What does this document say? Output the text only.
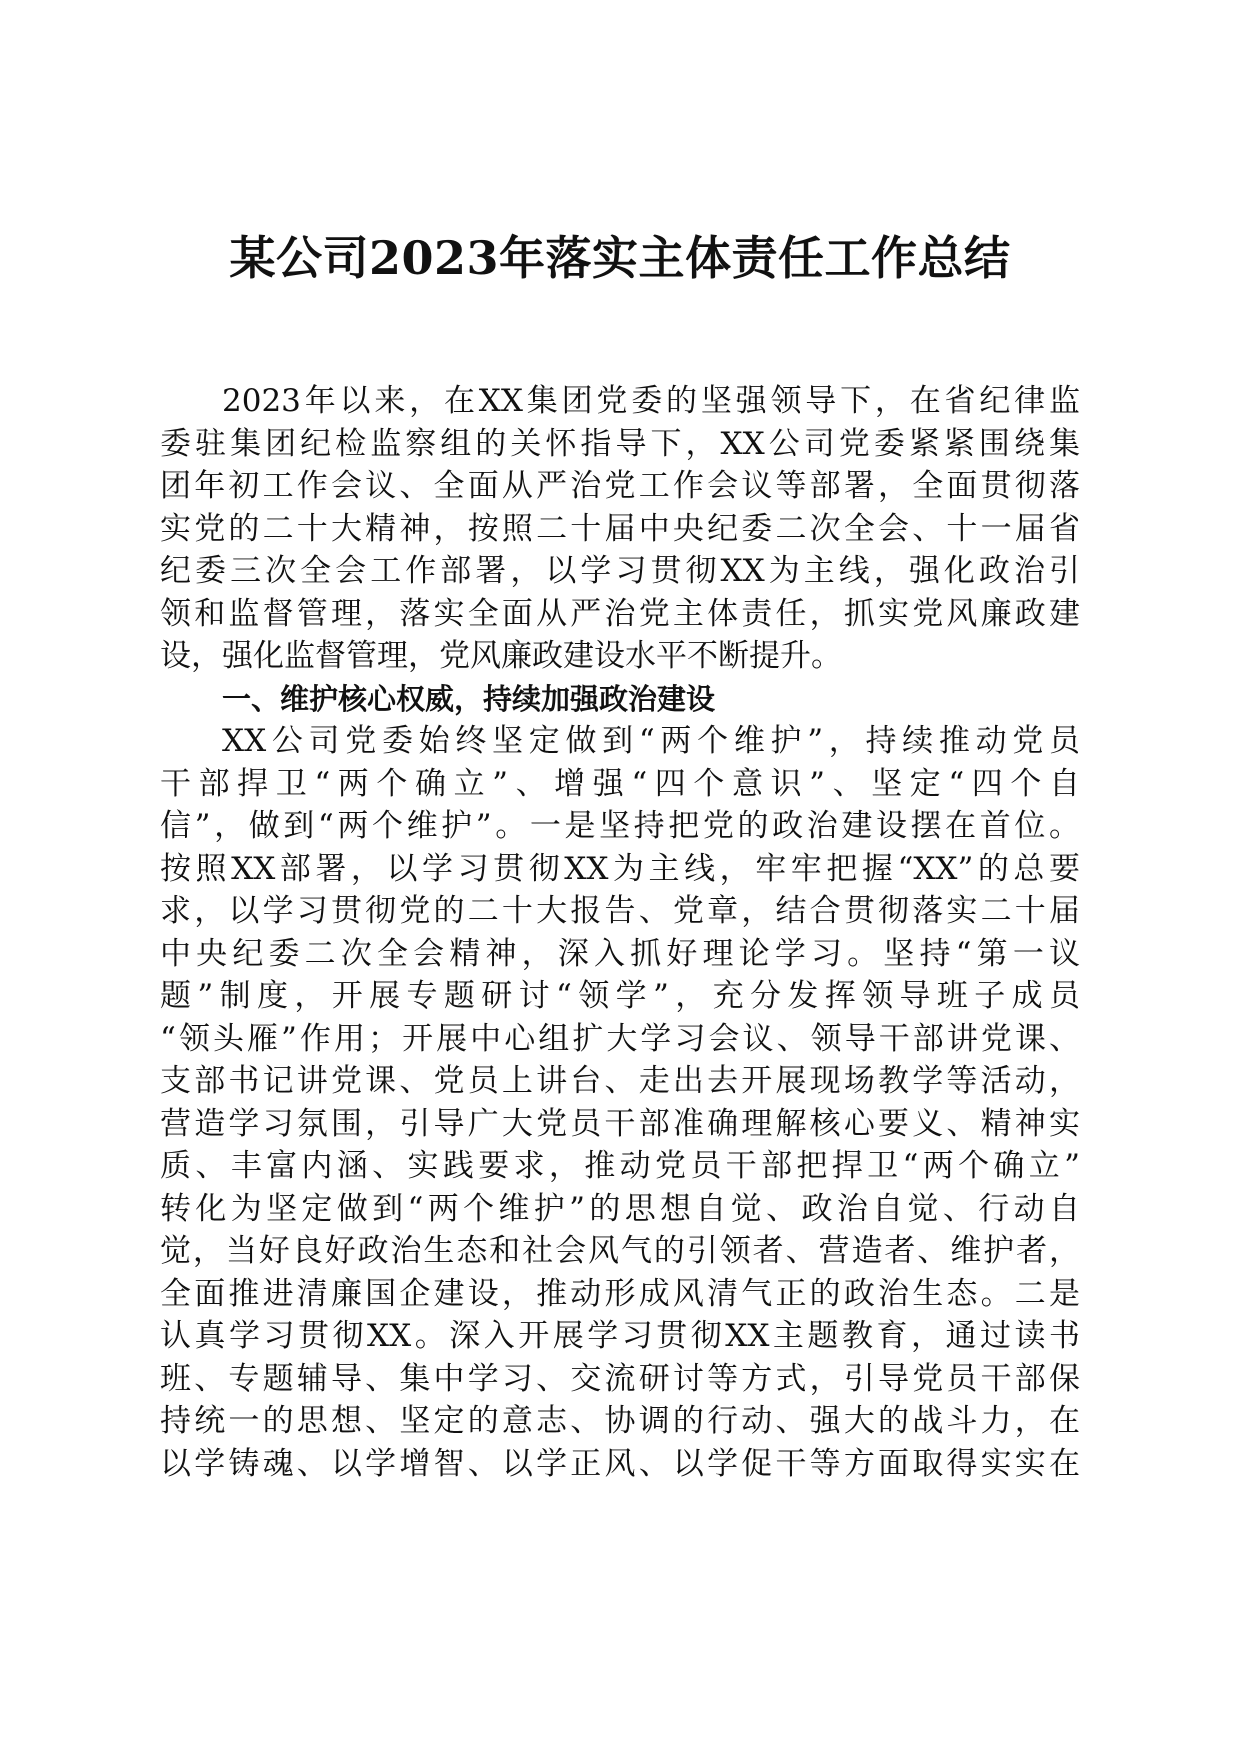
某公司2023年落实主体责任工作总结
2023年以来，在XX集团党委的坚强领导下，在省纪律监
委驻集团纪检监察组的关怀指导下，XX公司党委紧紧围绕集
团年初工作会议、全面从严治党工作会议等部署，全面贯彻落
实党的二十大精神，按照二十届中央纪委二次全会、十一届省
纪委三次全会工作部署，以学习贯彻XX为主线，强化政治引
领和监督管理，落实全面从严治党主体责任，抓实党风廉政建
设，强化监督管理，党风廉政建设水平不断提升。
一、维护核心权威，持续加强政治建设
XX公司党委始终坚定做到“两个维护”，持续推动党员
干部捍卫“两个确立”、增强“四个意识”、坚定“四个自
信”，做到“两个维护”。一是坚持把党的政治建设摆在首位。
按照XX部署，以学习贯彻XX为主线，牢牢把握“XX”的总要
求，以学习贯彻党的二十大报告、党章，结合贯彻落实二十届
中央纪委二次全会精神，深入抓好理论学习。坚持“第一议
题”制度，开展专题研讨“领学”，充分发挥领导班子成员
“领头雁”作用；开展中心组扩大学习会议、领导干部讲党课、
支部书记讲党课、党员上讲台、走出去开展现场教学等活动，
营造学习氛围，引导广大党员干部准确理解核心要义、精神实
质、丰富内涵、实践要求，推动党员干部把捍卫“两个确立”
转化为坚定做到“两个维护”的思想自觉、政治自觉、行动自
觉，当好良好政治生态和社会风气的引领者、营造者、维护者，
全面推进清廉国企建设，推动形成风清气正的政治生态。二是
认真学习贯彻XX。深入开展学习贯彻XX主题教育，通过读书
班、专题辅导、集中学习、交流研讨等方式，引导党员干部保
持统一的思想、坚定的意志、协调的行动、强大的战斗力，在
以学铸魂、以学增智、以学正风、以学促干等方面取得实实在
